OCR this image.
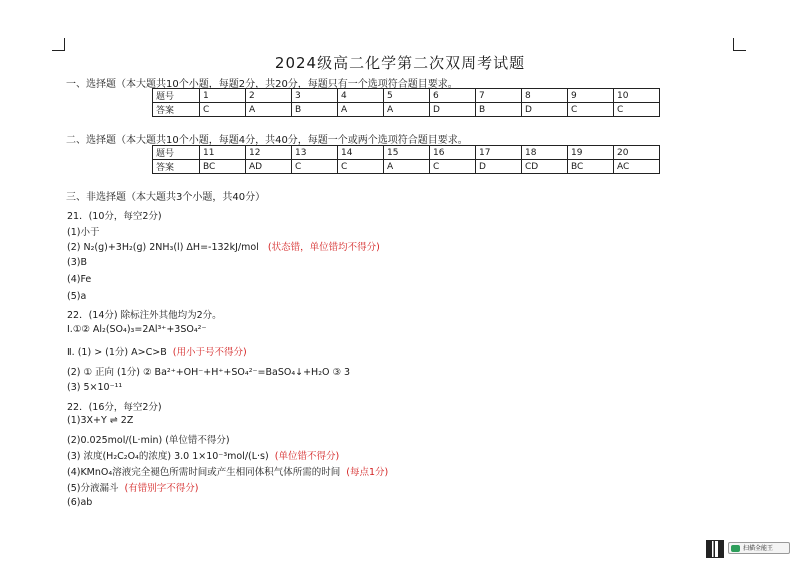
2024级高二化学第二次双周考试题
一、选择题（本大题共10个小题，每题2分，共20分，每题只有一个选项符合题目要求。
题号	1	2	3	4	5	6	7	8	9	10
答案	C	A	B	A	A	D	B	D	C	C
二、选择题（本大题共10个小题，每题4分，共40分，每题一个或两个选项符合题目要求。
题号	11	12	13	14	15	16	17	18	19	20
答案	BC	AD	C	C	A	C	D	CD	BC	AC
三、非选择题（本大题共3个小题，共40分）
21．(10分，每空2分)
(1)小于
(2) N₂(g)+3H₂(g) 2NH₃(l) ΔH=-132kJ/mol (状态错，单位错均不得分)
(3)B
(4)Fe
(5)a
22．(14分) 除标注外其他均为2分。
Ⅰ.①② Al₂(SO₄)₃=2Al³⁺+3SO₄²⁻
Ⅱ. (1) > (1分) A>C>B (用小于号不得分)
(2) ① 正向 (1分) ② Ba²⁺+OH⁻+H⁺+SO₄²⁻=BaSO₄↓+H₂O ③ 3
(3) 5×10⁻¹¹
22．(16分，每空2分)
(1)3X+Y ⇌ 2Z
(2)0.025mol/(L·min) (单位错不得分)
(3) 浓度(H₂C₂O₄的浓度) 3.0 1×10⁻³mol/(L·s) (单位错不得分)
(4)KMnO₄溶液完全褪色所需时间或产生相同体积气体所需的时间 (每点1分)
(5)分液漏斗 (有错别字不得分)
(6)ab
扫描全能王
